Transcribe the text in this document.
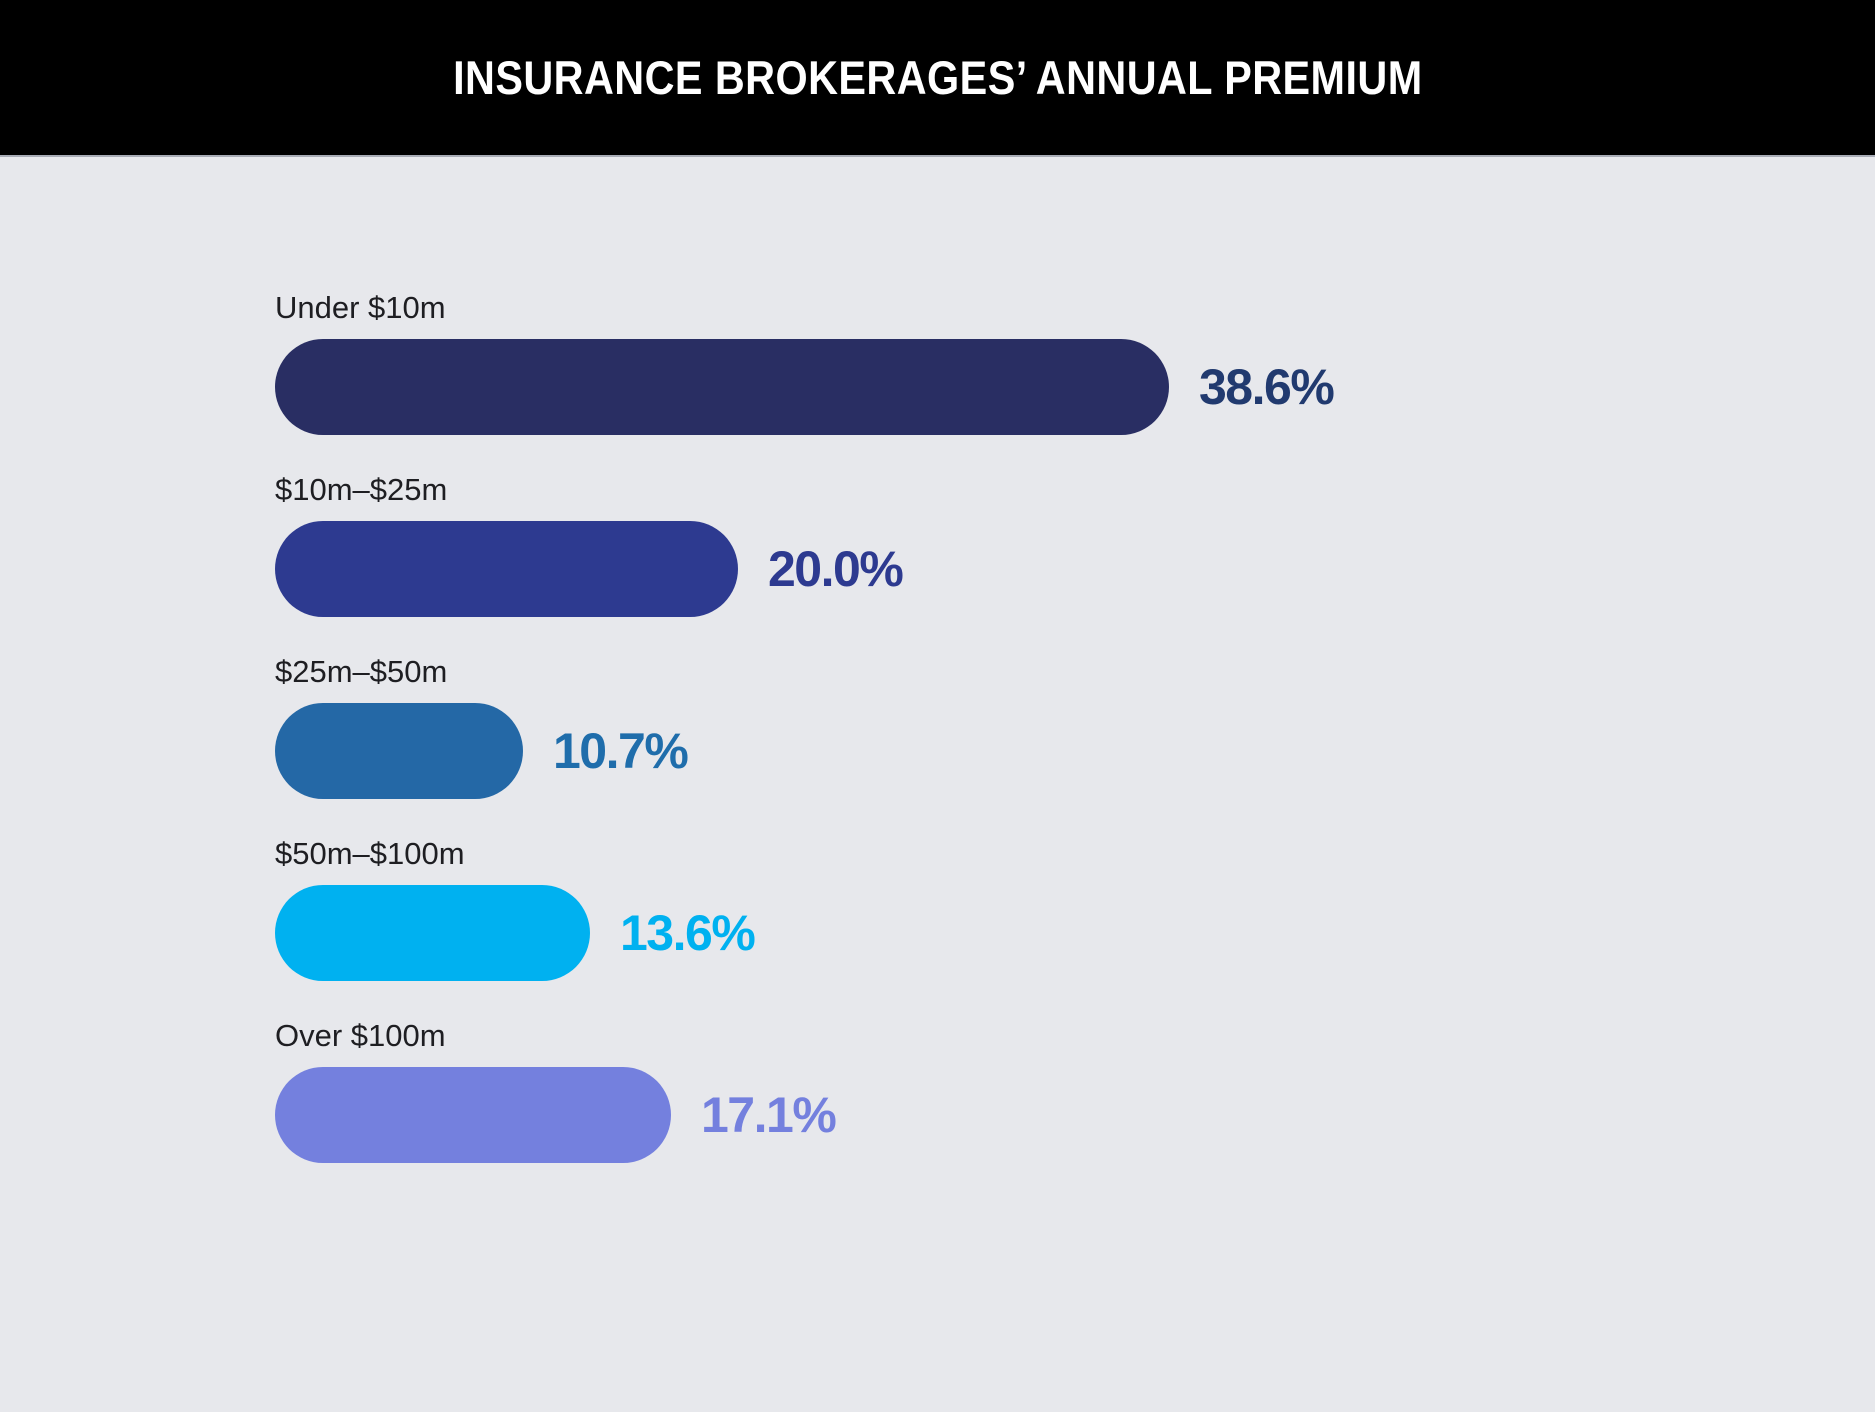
INSURANCE BROKERAGES’ ANNUAL PREMIUM
Under $10m
38.6%
$10m–$25m
20.0%
$25m–$50m
10.7%
$50m–$100m
13.6%
Over $100m
17.1%
